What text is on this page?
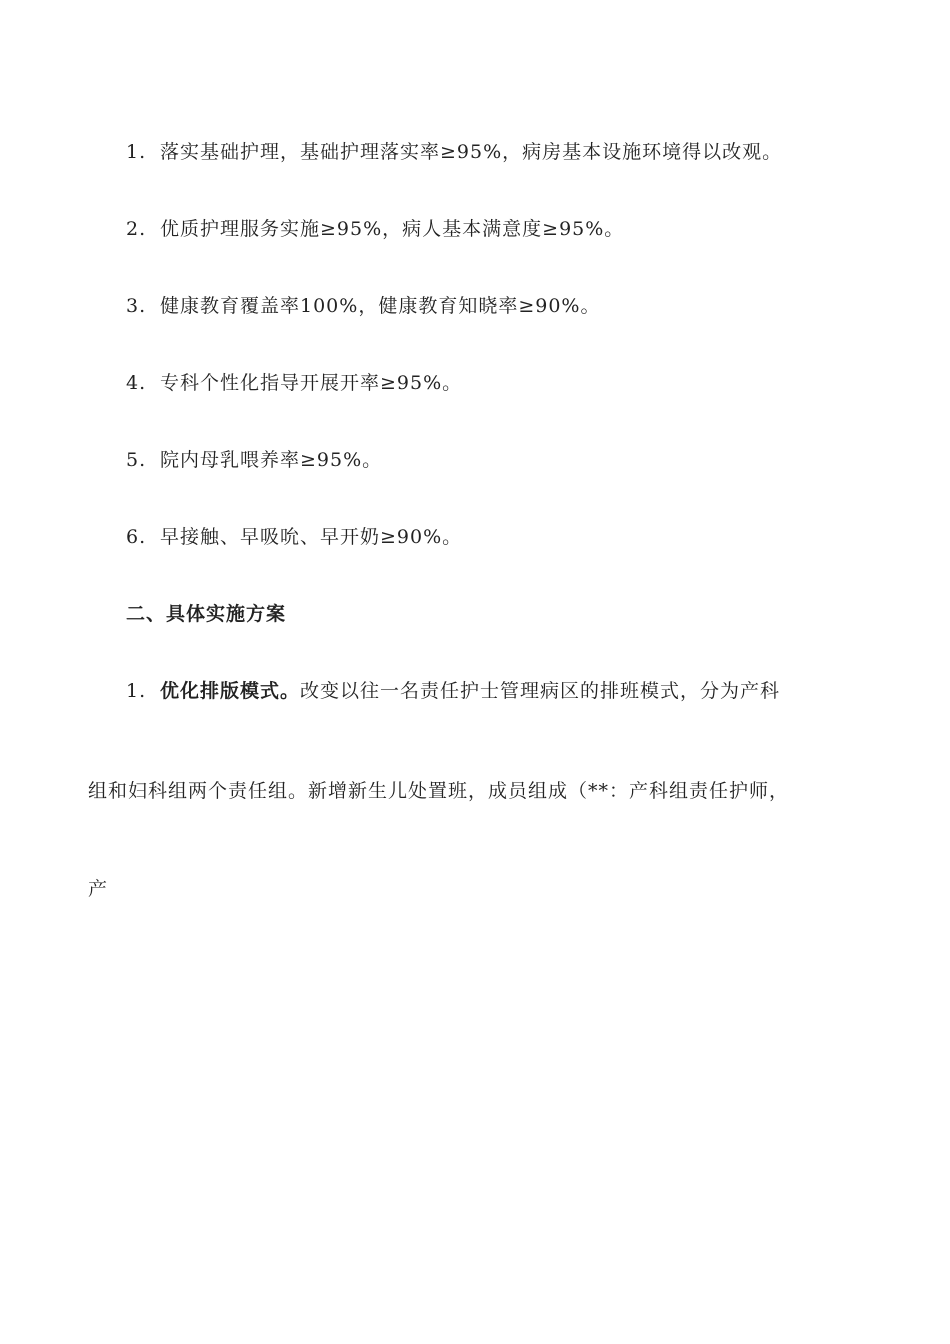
1. 落实基础护理，基础护理落实率≥95%，病房基本设施环境得以改观。
2. 优质护理服务实施≥95%，病人基本满意度≥95%。
3. 健康教育覆盖率100%，健康教育知晓率≥90%。
4. 专科个性化指导开展开率≥95%。
5. 院内母乳喂养率≥95%。
6. 早接触、早吸吮、早开奶≥90%。
二、具体实施方案
1. 优化排版模式。改变以往一名责任护士管理病区的排班模式，分为产科
组和妇科组两个责任组。新增新生儿处置班，成员组成（**：产科组责任护师，
产
